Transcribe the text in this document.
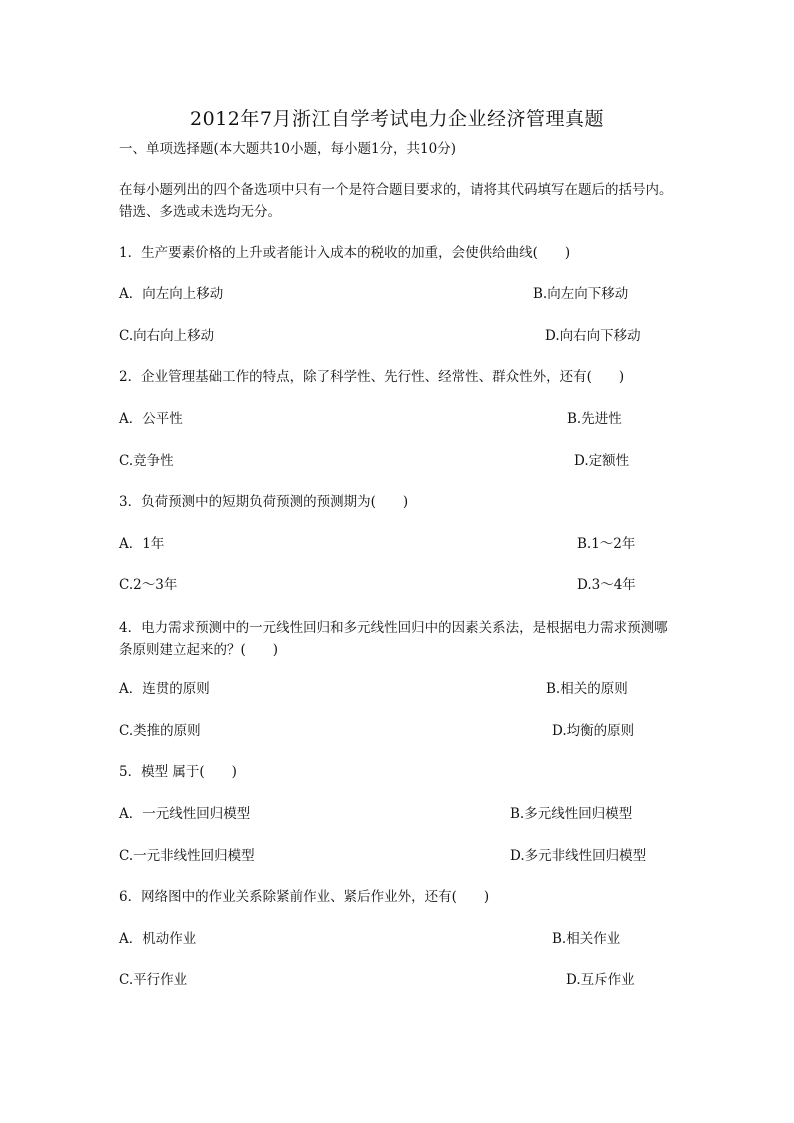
2012年7月浙江自学考试电力企业经济管理真题
一、单项选择题(本大题共10小题，每小题1分，共10分)
在每小题列出的四个备选项中只有一个是符合题目要求的，请将其代码填写在题后的括号内。错选、多选或未选均无分。
1．生产要素价格的上升或者能计入成本的税收的加重，会使供给曲线(　　)
A．向左向上移动	B.向左向下移动
C.向右向上移动	D.向右向下移动
2．企业管理基础工作的特点，除了科学性、先行性、经常性、群众性外，还有(　　)
A．公平性	B.先进性
C.竞争性	D.定额性
3．负荷预测中的短期负荷预测的预测期为(　　)
A．1年	B.1～2年
C.2～3年	D.3～4年
4．电力需求预测中的一元线性回归和多元线性回归中的因素关系法，是根据电力需求预测哪条原则建立起来的？(　　)
A．连贯的原则	B.相关的原则
C.类推的原则	D.均衡的原则
5．模型 属于(　　)
A．一元线性回归模型	B.多元线性回归模型
C.一元非线性回归模型	D.多元非线性回归模型
6．网络图中的作业关系除紧前作业、紧后作业外，还有(　　)
A．机动作业	B.相关作业
C.平行作业	D.互斥作业
